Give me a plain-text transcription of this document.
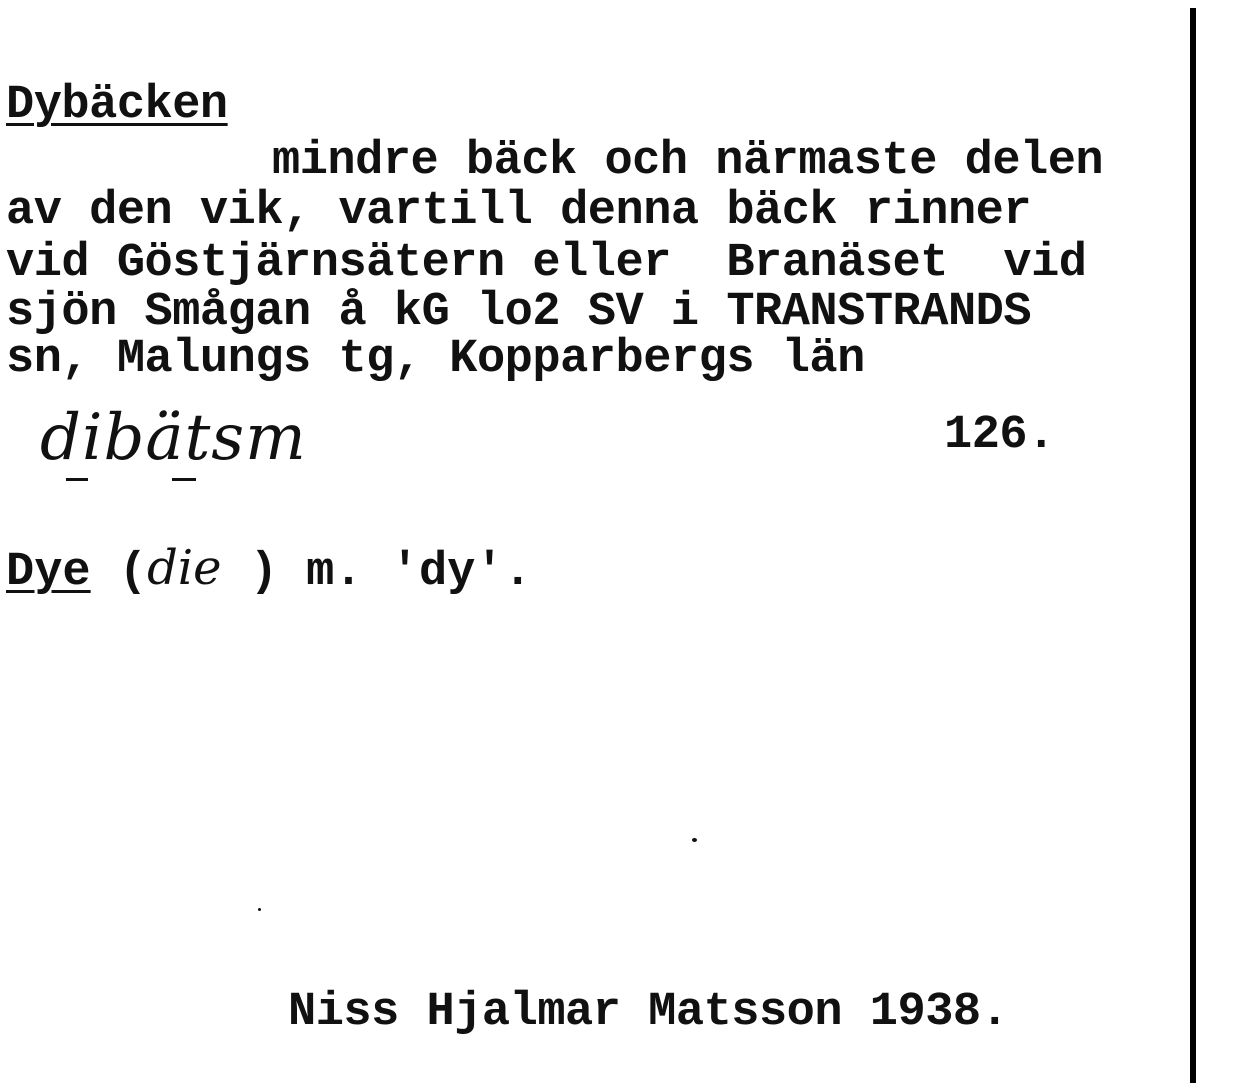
Dybäcken
mindre bäck och närmaste delen
av den vik, vartill denna bäck rinner
vid Göstjärnsätern eller  Branäset  vid
sjön Smågan å kG lo2 SV i TRANSTRANDS
sn, Malungs tg, Kopparbergs län
dibätsm	126.
Dye (die ) m. ′dy′.
Niss Hjalmar Matsson 1938.
